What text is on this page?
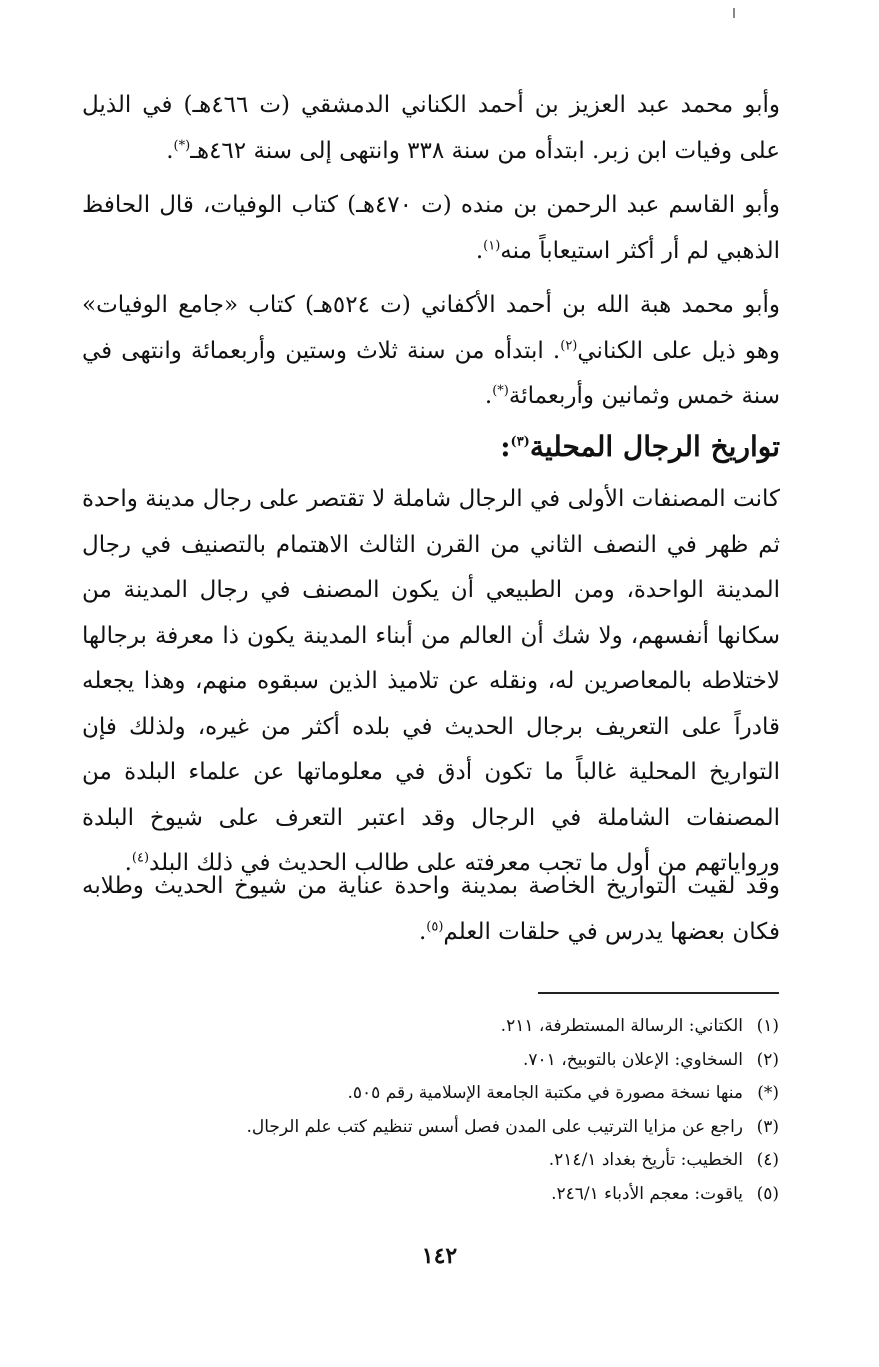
وأبو محمد عبد العزيز بن أحمد الكناني الدمشقي (ت ٤٦٦هـ) في الذيل على وفيات ابن زبر. ابتدأه من سنة ٣٣٨ وانتهى إلى سنة ٤٦٢هـ(*).

وأبو القاسم عبد الرحمن بن منده (ت ٤٧٠هـ) كتاب الوفيات، قال الحافظ الذهبي لم أر أكثر استيعاباً منه$^{(١)}$.

وأبو محمد هبة الله بن أحمد الأكفاني (ت ٥٢٤هـ) كتاب «جامع الوفيات» وهو ذيل على الكناني$^{(٢)}$. ابتدأه من سنة ثلاث وستين وأربعمائة وانتهى في سنة خمس وثمانين وأربعمائة(*).

تواريخ الرجال المحلية$^{(٣)}$:

كانت المصنفات الأولى في الرجال شاملة لا تقتصر على رجال مدينة واحدة ثم ظهر في النصف الثاني من القرن الثالث الاهتمام بالتصنيف في رجال المدينة الواحدة، ومن الطبيعي أن يكون المصنف في رجال المدينة من سكانها أنفسهم، ولا شك أن العالم من أبناء المدينة يكون ذا معرفة برجالها لاختلاطه بالمعاصرين له، ونقله عن تلاميذ الذين سبقوه منهم، وهذا يجعله قادراً على التعريف برجال الحديث في بلده أكثر من غيره، ولذلك فإن التواريخ المحلية غالباً ما تكون أدق في معلوماتها عن علماء البلدة من المصنفات الشاملة في الرجال وقد اعتبر التعرف على شيوخ البلدة ورواياتهم من أول ما تجب معرفته على طالب الحديث في ذلك البلد$^{(٤)}$.

وقد لقيت التواريخ الخاصة بمدينة واحدة عناية من شيوخ الحديث وطلابه فكان بعضها يدرس في حلقات العلم$^{(٥)}$.

(١)الكتاني: الرسالة المستطرفة، ٢١١.
(٢)السخاوي: الإعلان بالتوبيخ، ٧٠١.
(*)منها نسخة مصورة في مكتبة الجامعة الإسلامية رقم ٥٠٥.
(٣)راجع عن مزايا الترتيب على المدن فصل أسس تنظيم كتب علم الرجال.
(٤)الخطيب: تأريخ بغداد ٢١٤/١.
(٥)ياقوت: معجم الأدباء ٢٤٦/١.
١٤٢
